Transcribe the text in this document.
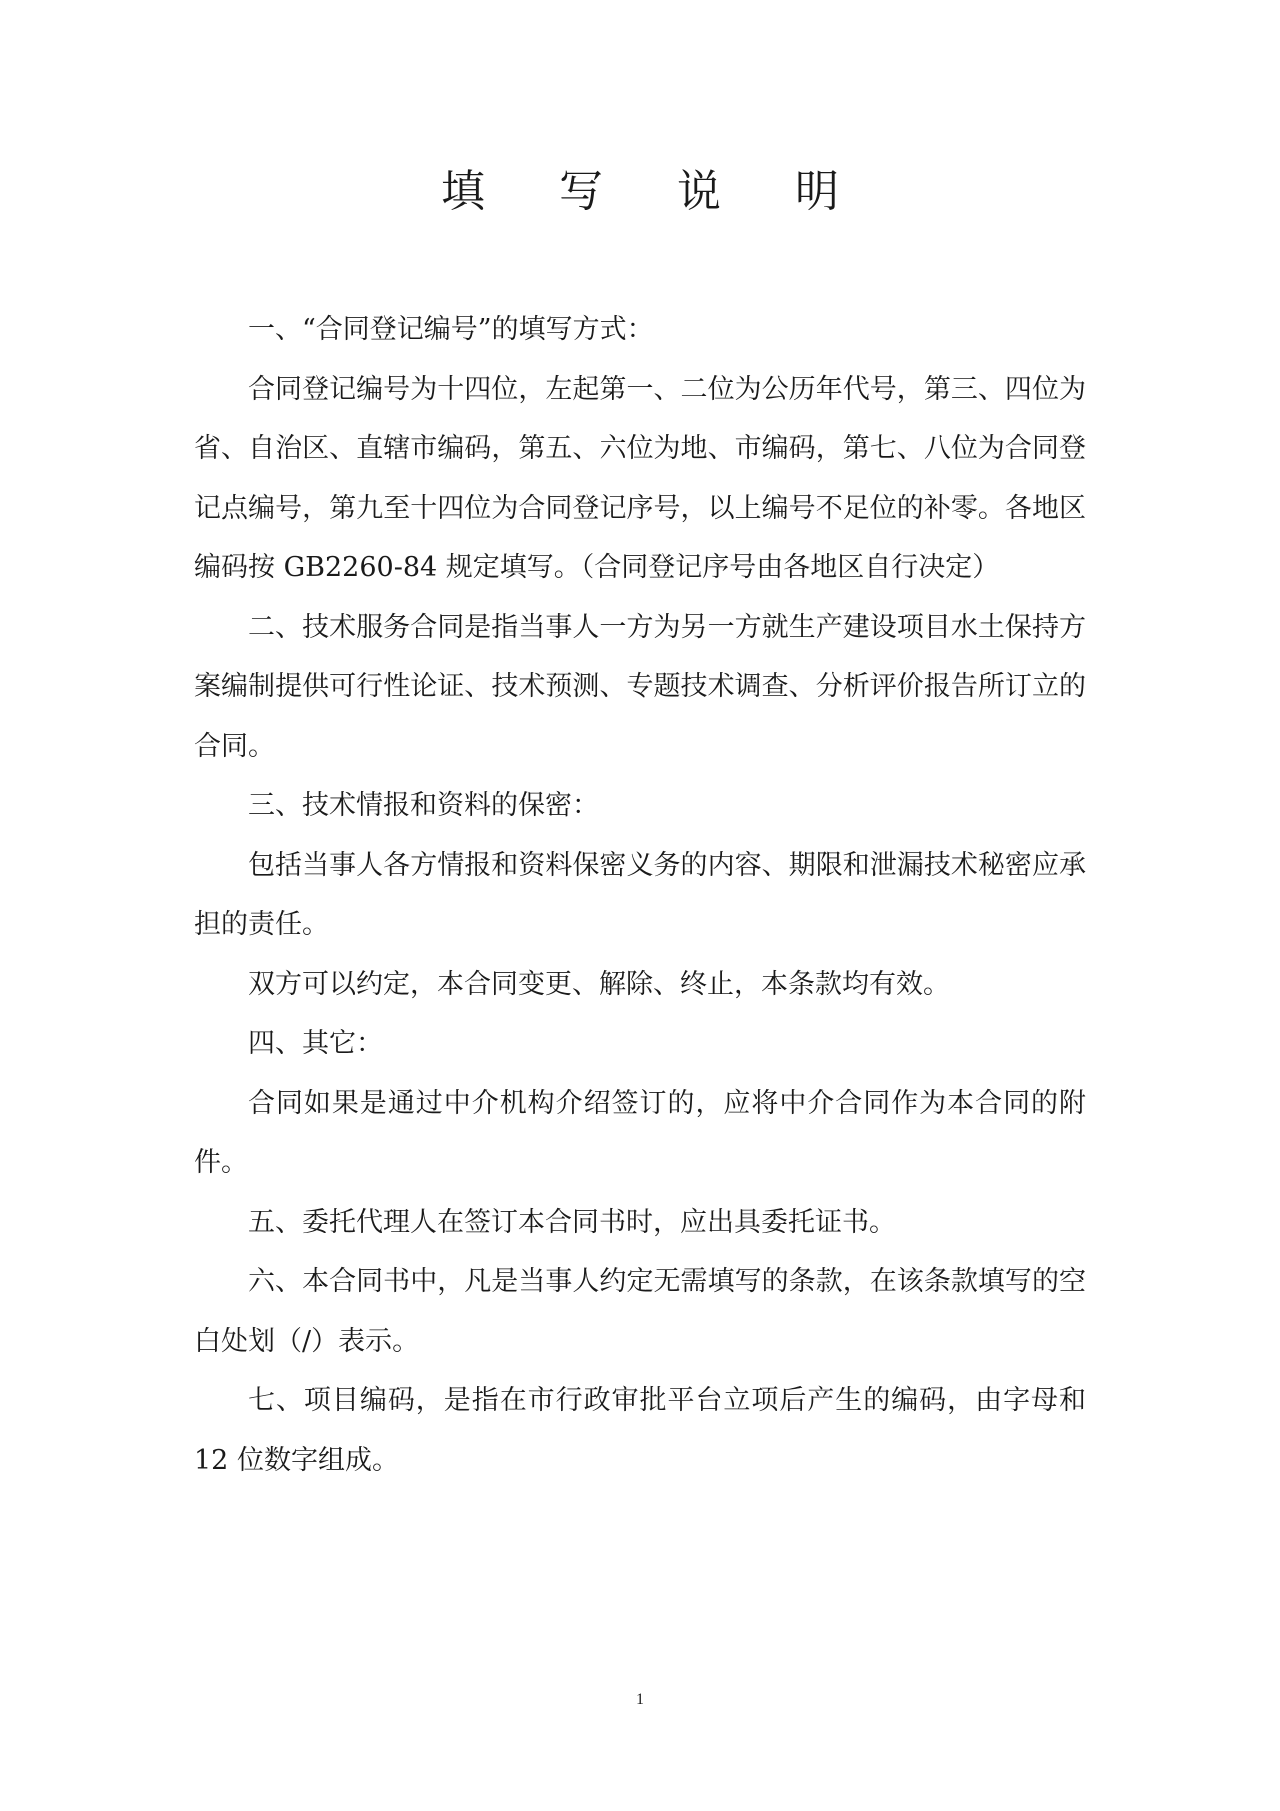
填 写 说 明

一、“合同登记编号”的填写方式：

合同登记编号为十四位，左起第一、二位为公历年代号，第三、四位为省、自治区、直辖市编码，第五、六位为地、市编码，第七、八位为合同登记点编号，第九至十四位为合同登记序号，以上编号不足位的补零。各地区编码按 GB2260-84 规定填写。（合同登记序号由各地区自行决定）

二、技术服务合同是指当事人一方为另一方就生产建设项目水土保持方案编制提供可行性论证、技术预测、专题技术调查、分析评价报告所订立的合同。

三、技术情报和资料的保密：

包括当事人各方情报和资料保密义务的内容、期限和泄漏技术秘密应承担的责任。

双方可以约定，本合同变更、解除、终止，本条款均有效。

四、其它：

合同如果是通过中介机构介绍签订的，应将中介合同作为本合同的附件。

五、委托代理人在签订本合同书时，应出具委托证书。

六、本合同书中，凡是当事人约定无需填写的条款，在该条款填写的空白处划（/）表示。

七、项目编码，是指在市行政审批平台立项后产生的编码，由字母和 12 位数字组成。

1
